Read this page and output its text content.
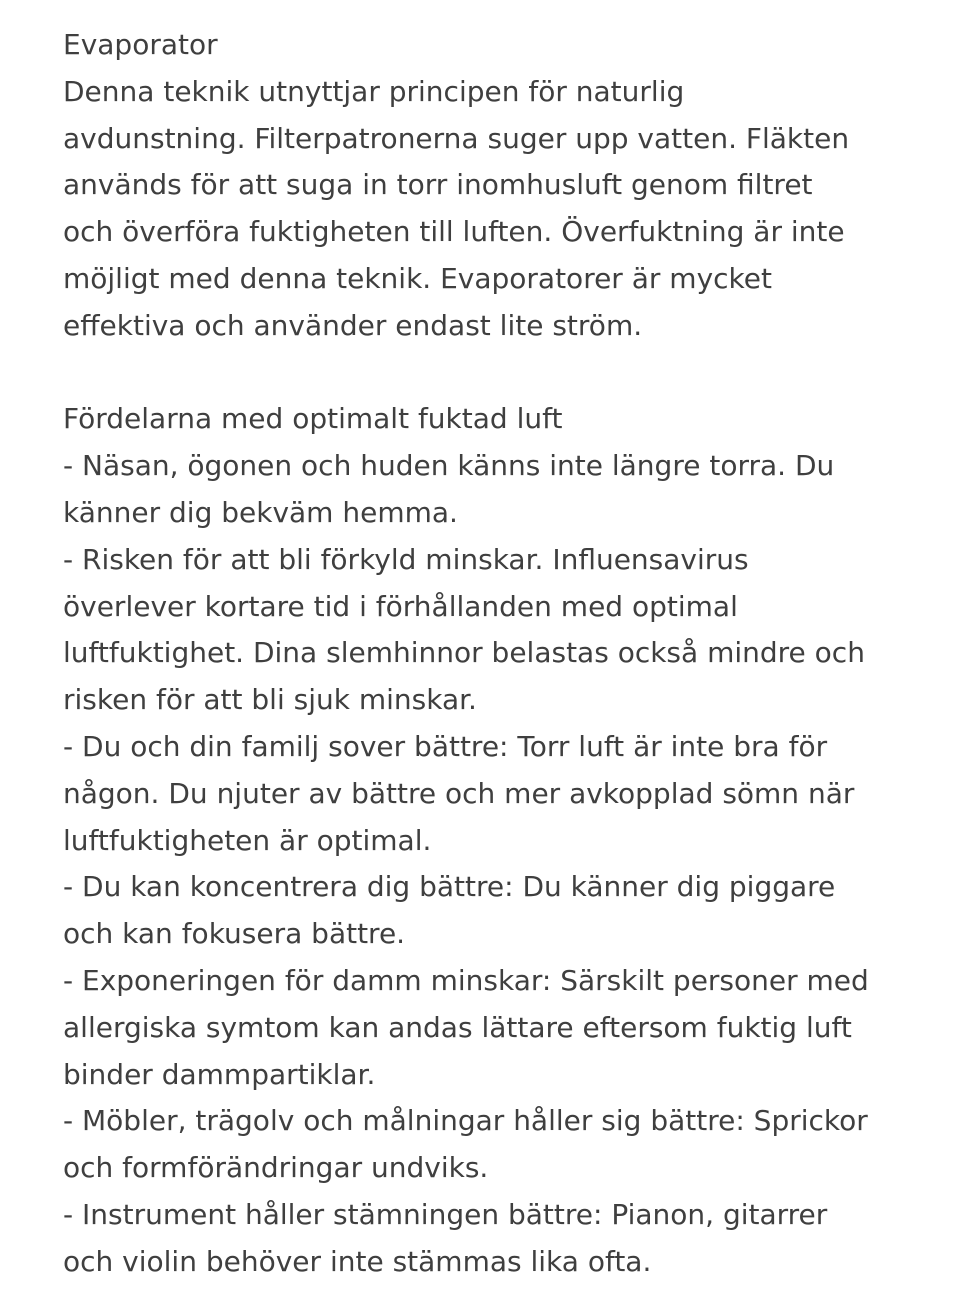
Evaporator
Denna teknik utnyttjar principen för naturlig
avdunstning. Filterpatronerna suger upp vatten. Fläkten
används för att suga in torr inomhusluft genom filtret
och överföra fuktigheten till luften. Överfuktning är inte
möjligt med denna teknik. Evaporatorer är mycket
effektiva och använder endast lite ström.
Fördelarna med optimalt fuktad luft
- Näsan, ögonen och huden känns inte längre torra. Du
känner dig bekväm hemma.
- Risken för att bli förkyld minskar. Influensavirus
överlever kortare tid i förhållanden med optimal
luftfuktighet. Dina slemhinnor belastas också mindre och
risken för att bli sjuk minskar.
- Du och din familj sover bättre: Torr luft är inte bra för
någon. Du njuter av bättre och mer avkopplad sömn när
luftfuktigheten är optimal.
- Du kan koncentrera dig bättre: Du känner dig piggare
och kan fokusera bättre.
- Exponeringen för damm minskar: Särskilt personer med
allergiska symtom kan andas lättare eftersom fuktig luft
binder dammpartiklar.
- Möbler, trägolv och målningar håller sig bättre: Sprickor
och formförändringar undviks.
- Instrument håller stämningen bättre: Pianon, gitarrer
och violin behöver inte stämmas lika ofta.
